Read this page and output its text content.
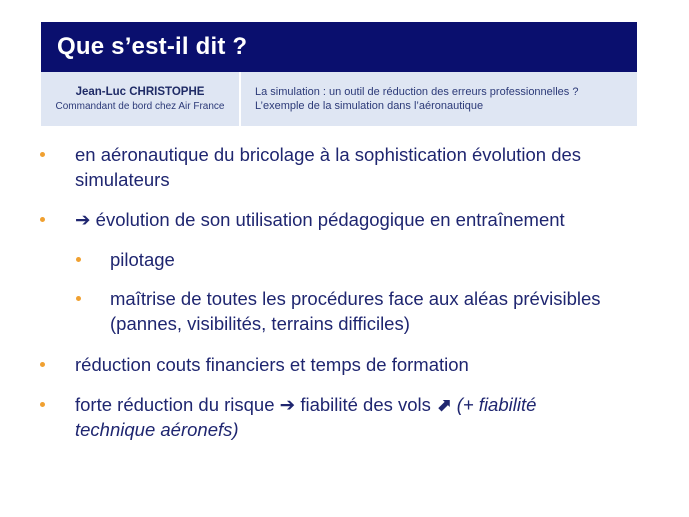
Que s’est-il dit ?
Jean-Luc CHRISTOPHE
Commandant de bord chez Air France
La simulation : un outil de réduction des erreurs professionnelles ?
L’exemple de la simulation dans l’aéronautique
en aéronautique du bricolage à la sophistication évolution des
simulateurs
➔ évolution de son utilisation pédagogique en entraînement
pilotage
maîtrise de toutes les procédures face aux aléas prévisibles
(pannes, visibilités, terrains difficiles)
réduction couts financiers et temps de formation
forte réduction du risque ➔ fiabilité des vols ⬈ (+ fiabilité
technique aéronefs)
